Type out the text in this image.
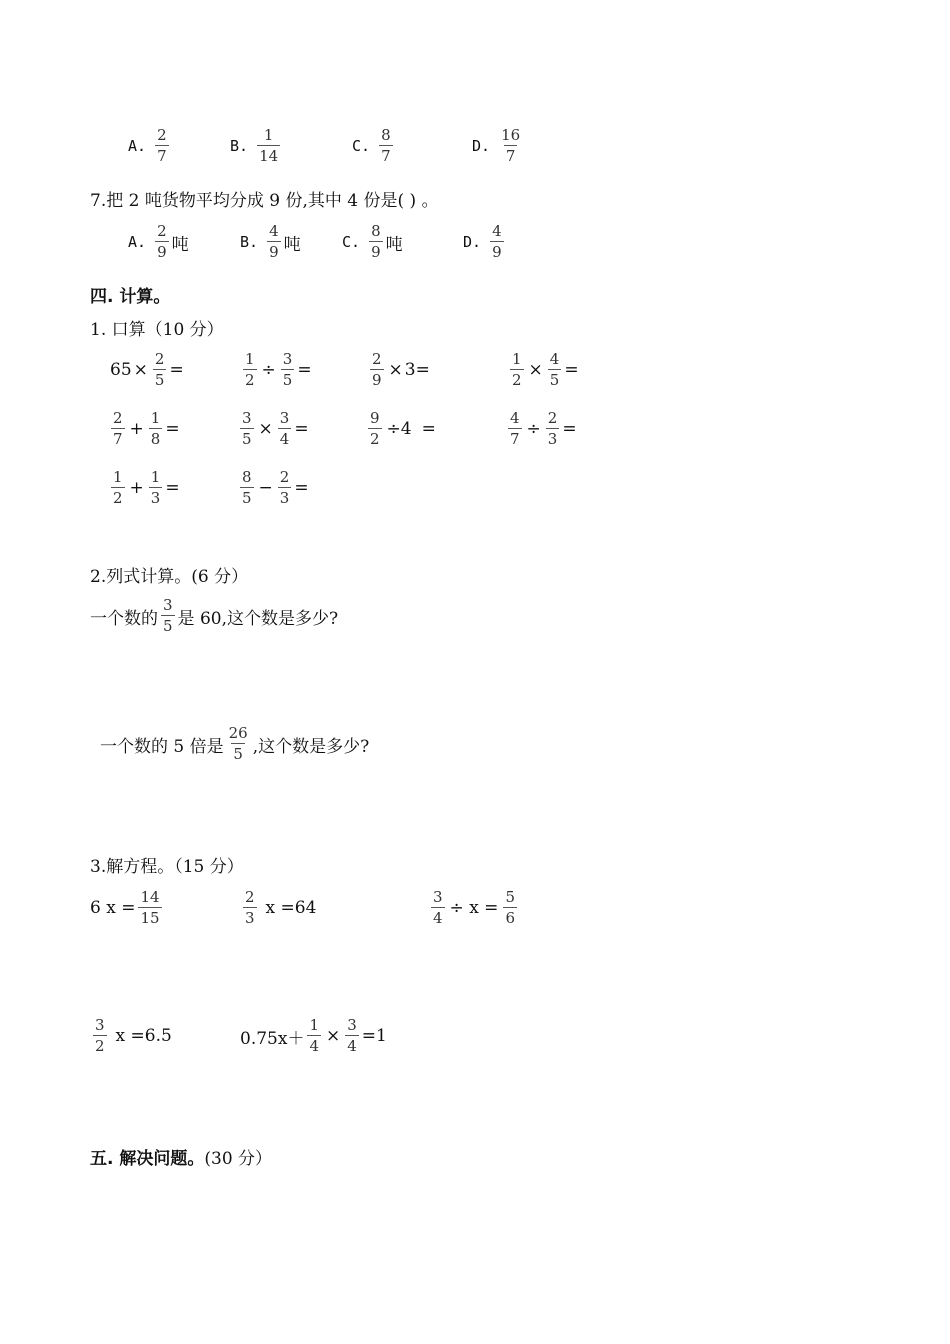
A. $\frac{2}{7}$	B. $\frac{1}{14}$	C. $\frac{8}{7}$	D. $\frac{16}{7}$
7.把 2 吨货物平均分成 9 份,其中 4 份是( ) 。
A. $\frac{2}{9}$ 吨	B. $\frac{4}{9}$ 吨	C. $\frac{8}{9}$ 吨	D. $\frac{4}{9}$
四. 计算。
1. 口算（10 分）
$65 \times \frac{2}{5}$ =	$\frac{1}{2} \div \frac{3}{5}$ =	$\frac{2}{9} \times 3=$	$\frac{1}{2} \times \frac{4}{5}$ =
$\frac{2}{7} + \frac{1}{8}$ =	$\frac{3}{5} \times \frac{3}{4}$ =	$\frac{9}{2} \div 4$ =	$\frac{4}{7} \div \frac{2}{3}$ =
$\frac{1}{2} + \frac{1}{3}$ =	$\frac{8}{5} - \frac{2}{3}$ =
2.列式计算。(6 分）
一个数的 $\frac{3}{5}$ 是 60,这个数是多少?
一个数的 5 倍是 $\frac{26}{5}$ ,这个数是多少?
3.解方程。（15 分）
6 $x = \frac{14}{15}$	$\frac{2}{3}$ x =64	$\frac{3}{4} \div x = \frac{5}{6}$
$\frac{3}{2}$ x =6.5	$0.75x+ \frac{1}{4} \times \frac{3}{4} =1$
五. 解决问题。 (30 分）
